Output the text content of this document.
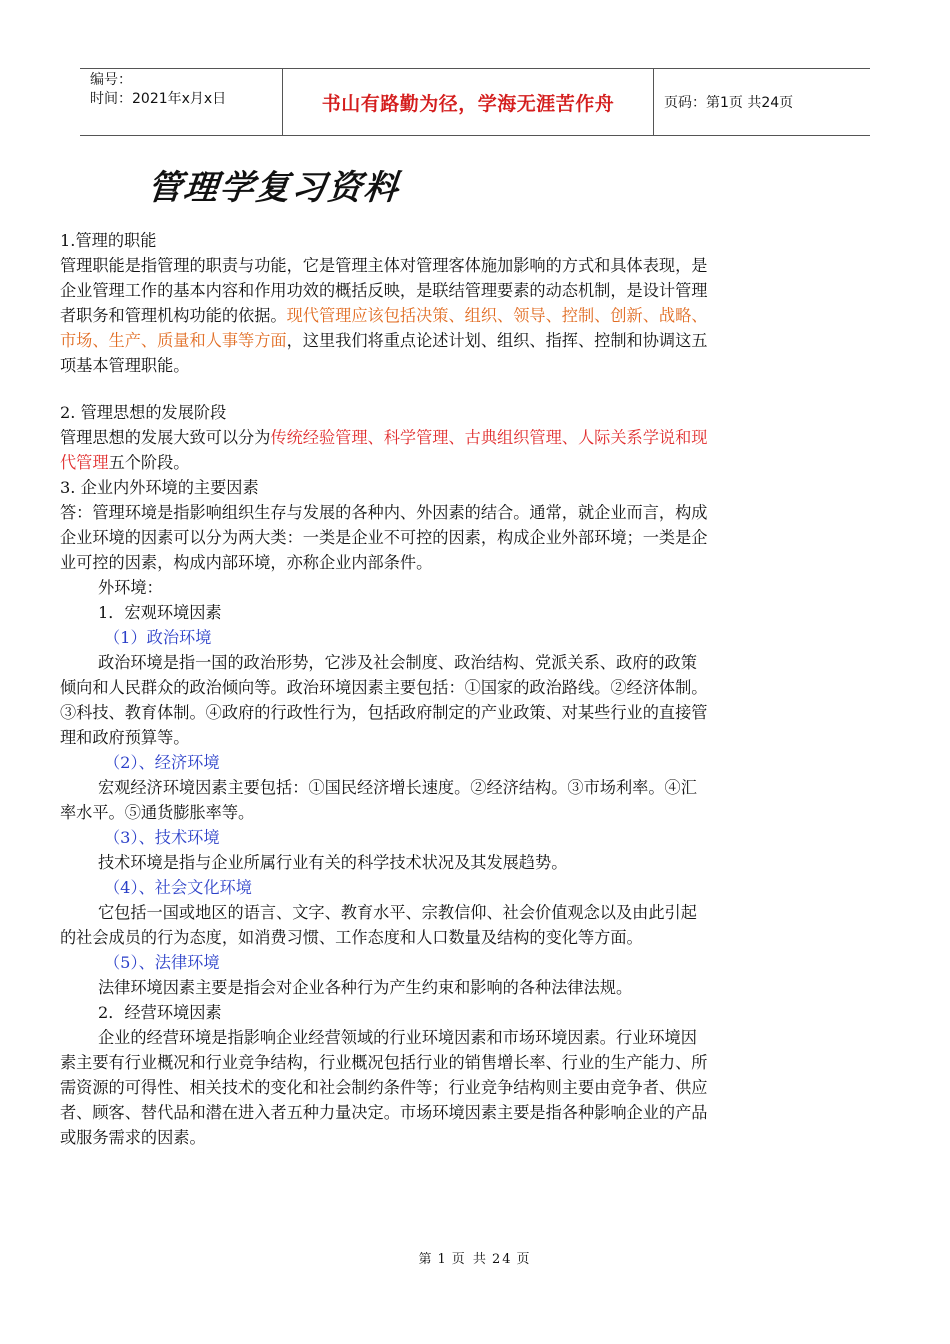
编号：
时间：2021年x月x日	书山有路勤为径，学海无涯苦作舟	页码：第1页 共24页
管理学复习资料

1.管理的职能

管理职能是指管理的职责与功能，它是管理主体对管理客体施加影响的方式和具体表现，是企业管理工作的基本内容和作用功效的概括反映，是联结管理要素的动态机制，是设计管理者职务和管理机构功能的依据。现代管理应该包括决策、组织、领导、控制、创新、战略、市场、生产、质量和人事等方面，这里我们将重点论述计划、组织、指挥、控制和协调这五项基本管理职能。

2. 管理思想的发展阶段

管理思想的发展大致可以分为传统经验管理、科学管理、古典组织管理、人际关系学说和现代管理五个阶段。

3. 企业内外环境的主要因素

答：管理环境是指影响组织生存与发展的各种内、外因素的结合。通常，就企业而言，构成企业环境的因素可以分为两大类：一类是企业不可控的因素，构成企业外部环境；一类是企业可控的因素，构成内部环境，亦称企业内部条件。

外环境：

1．宏观环境因素

（1）政治环境

政治环境是指一国的政治形势，它涉及社会制度、政治结构、党派关系、政府的政策倾向和人民群众的政治倾向等。政治环境因素主要包括：①国家的政治路线。②经济体制。③科技、教育体制。④政府的行政性行为，包括政府制定的产业政策、对某些行业的直接管理和政府预算等。

（2）、经济环境

宏观经济环境因素主要包括：①国民经济增长速度。②经济结构。③市场利率。④汇率水平。⑤通货膨胀率等。

（3）、技术环境

技术环境是指与企业所属行业有关的科学技术状况及其发展趋势。

（4）、社会文化环境

它包括一国或地区的语言、文字、教育水平、宗教信仰、社会价值观念以及由此引起的社会成员的行为态度，如消费习惯、工作态度和人口数量及结构的变化等方面。

（5）、法律环境

法律环境因素主要是指会对企业各种行为产生约束和影响的各种法律法规。

2．经营环境因素

企业的经营环境是指影响企业经营领域的行业环境因素和市场环境因素。行业环境因素主要有行业概况和行业竞争结构，行业概况包括行业的销售增长率、行业的生产能力、所需资源的可得性、相关技术的变化和社会制约条件等；行业竞争结构则主要由竞争者、供应者、顾客、替代品和潜在进入者五种力量决定。市场环境因素主要是指各种影响企业的产品或服务需求的因素。

第 1 页 共 24 页
